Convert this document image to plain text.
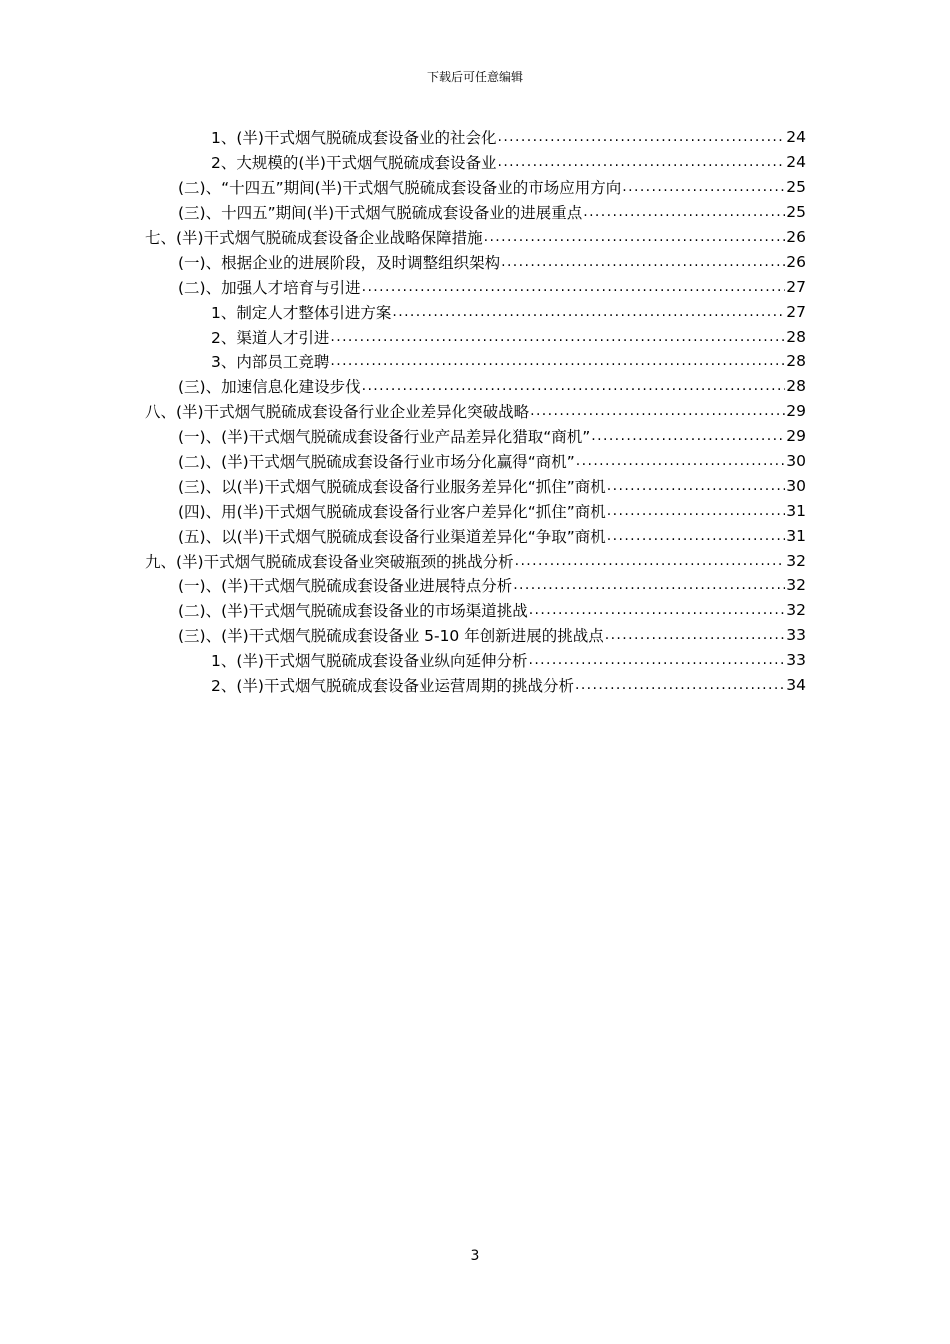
下载后可任意编辑
1、(半)干式烟气脱硫成套设备业的社会化 .....	24
2、大规模的(半)干式烟气脱硫成套设备业 .....	24
(二)、“十四五”期间(半)干式烟气脱硫成套设备业的市场应用方向 .....	25
(三)、十四五”期间(半)干式烟气脱硫成套设备业的进展重点 .....	25
七、(半)干式烟气脱硫成套设备企业战略保障措施 .....	26
(一)、根据企业的进展阶段，及时调整组织架构 .....	26
(二)、加强人才培育与引进 .....	27
1、制定人才整体引进方案 .....	27
2、渠道人才引进 .....	28
3、内部员工竞聘 .....	28
(三)、加速信息化建设步伐 .....	28
八、(半)干式烟气脱硫成套设备行业企业差异化突破战略 .....	29
(一)、(半)干式烟气脱硫成套设备行业产品差异化猎取“商机” .....	29
(二)、(半)干式烟气脱硫成套设备行业市场分化赢得“商机” .....	30
(三)、以(半)干式烟气脱硫成套设备行业服务差异化“抓住”商机 .....	30
(四)、用(半)干式烟气脱硫成套设备行业客户差异化“抓住”商机 .....	31
(五)、以(半)干式烟气脱硫成套设备行业渠道差异化“争取”商机 .....	31
九、(半)干式烟气脱硫成套设备业突破瓶颈的挑战分析 .....	32
(一)、(半)干式烟气脱硫成套设备业进展特点分析 .....	32
(二)、(半)干式烟气脱硫成套设备业的市场渠道挑战 .....	32
(三)、(半)干式烟气脱硫成套设备业 5-10 年创新进展的挑战点 .....	33
1、(半)干式烟气脱硫成套设备业纵向延伸分析 .....	33
2、(半)干式烟气脱硫成套设备业运营周期的挑战分析 .....	34
3
